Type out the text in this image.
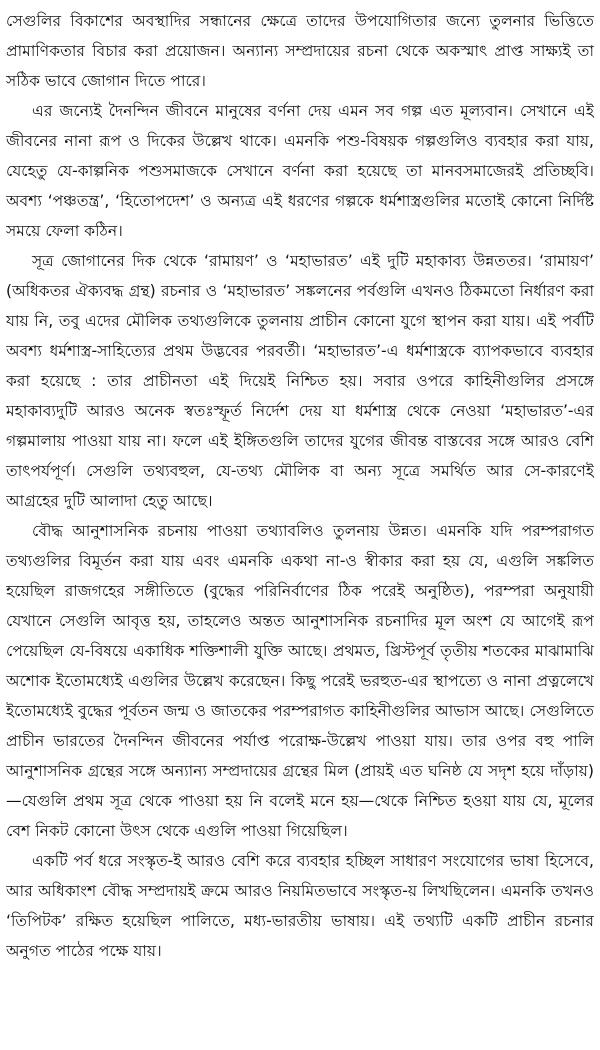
সেগুলির বিকাশের অবস্থাদির সন্ধানের ক্ষেত্রে তাদের উপযোগিতার জন্যে তুলনার ভিত্তিতে প্রামাণিকতার বিচার করা প্রয়োজন। অন্যান্য সম্প্রদায়ের রচনা থেকে অকস্মাৎ প্রাপ্ত সাক্ষ্যই তা সঠিক ভাবে জোগান দিতে পারে।

এর জন্যেই দৈনন্দিন জীবনে মানুষের বর্ণনা দেয় এমন সব গল্প এত মূল্যবান। সেখানে এই জীবনের নানা রূপ ও দিকের উল্লেখ থাকে। এমনকি পশু-বিষয়ক গল্পগুলিও ব্যবহার করা যায়, যেহেতু যে-কাল্পনিক পশুসমাজকে সেখানে বর্ণনা করা হয়েছে তা মানবসমাজেরই প্রতিচ্ছবি। অবশ্য ‘পঞ্চতন্ত্র’, ‘হিতোপদেশ’ ও অন্যত্র এই ধরণের গল্পকে ধর্মশাস্ত্রগুলির মতোই কোনো নির্দিষ্ট সময়ে ফেলা কঠিন।

সূত্র জোগানের দিক থেকে ‘রামায়ণ’ ও ‘মহাভারত’ এই দুটি মহাকাব্য উন্নততর। ‘রামায়ণ’ (অধিকতর ঐক্যবদ্ধ গ্রন্থ) রচনার ও ‘মহাভারত’ সঙ্কলনের পর্বগুলি এখনও ঠিকমতো নির্ধারণ করা যায় নি, তবু এদের মৌলিক তথ্যগুলিকে তুলনায় প্রাচীন কোনো যুগে স্থাপন করা যায়। এই পর্বটি অবশ্য ধর্মশাস্ত্র-সাহিত্যের প্রথম উদ্ভবের পরবর্তী। ‘মহাভারত’-এ ধর্মশাস্ত্রকে ব্যাপকভাবে ব্যবহার করা হয়েছে : তার প্রাচীনতা এই দিয়েই নিশ্চিত হয়। সবার ওপরে কাহিনীগুলির প্রসঙ্গে মহাকাব্যদুটি আরও অনেক স্বতঃস্ফূর্ত নির্দেশ দেয় যা ধর্মশাস্ত্র থেকে নেওয়া ‘মহাভারত’-এর গল্পমালায় পাওয়া যায় না। ফলে এই ইঙ্গিতগুলি তাদের যুগের জীবন্ত বাস্তবের সঙ্গে আরও বেশি তাৎপর্যপূর্ণ। সেগুলি তথ্যবহুল, যে-তথ্য মৌলিক বা অন্য সূত্রে সমর্থিত আর সে-কারণেই আগ্রহের দুটি আলাদা হেতু আছে।

বৌদ্ধ আনুশাসনিক রচনায় পাওয়া তথ্যাবলিও তুলনায় উন্নত। এমনকি যদি পরম্পরাগত তথ্যগুলির বিমূর্তন করা যায় এবং এমনকি একথা না-ও স্বীকার করা হয় যে, এগুলি সঙ্কলিত হয়েছিল রাজগহের সঙ্গীতিতে (বুদ্ধের পরিনির্বাণের ঠিক পরেই অনুষ্ঠিত), পরম্পরা অনুযায়ী যেখানে সেগুলি আবৃত্ত হয়, তাহলেও অন্তত আনুশাসনিক রচনাদির মূল অংশ যে আগেই রূপ পেয়েছিল যে-বিষয়ে একাধিক শক্তিশালী যুক্তি আছে। প্রথমত, খ্রিস্টপূর্ব তৃতীয় শতকের মাঝামাঝি অশোক ইতোমধ্যেই এগুলির উল্লেখ করেছেন। কিছু পরেই ভরহুত-এর স্থাপত্যে ও নানা প্রত্নলেখে ইতোমধ্যেই বুদ্ধের পূর্বতন জন্ম ও জাতকের পরম্পরাগত কাহিনীগুলির আভাস আছে। সেগুলিতে প্রাচীন ভারতের দৈনন্দিন জীবনের পর্যাপ্ত পরোক্ষ-উল্লেখ পাওয়া যায়। তার ওপর বহু পালি আনুশাসনিক গ্রন্থের সঙ্গে অন্যান্য সম্প্রদায়ের গ্রন্থের মিল (প্রায়ই এত ঘনিষ্ঠ যে সদৃশ হয়ে দাঁড়ায়) —যেগুলি প্রথম সূত্র থেকে পাওয়া হয় নি বলেই মনে হয়—থেকে নিশ্চিত হওয়া যায় যে, মূলের বেশ নিকট কোনো উৎস থেকে এগুলি পাওয়া গিয়েছিল।

একটি পর্ব ধরে সংস্কৃত-ই আরও বেশি করে ব্যবহার হচ্ছিল সাধারণ সংযোগের ভাষা হিসেবে, আর অধিকাংশ বৌদ্ধ সম্প্রদায়ই ক্রমে আরও নিয়মিতভাবে সংস্কৃত-য় লিখছিলেন। এমনকি তখনও ‘তিপিটক’ রক্ষিত হয়েছিল পালিতে, মধ্য-ভারতীয় ভাষায়। এই তথ্যটি একটি প্রাচীন রচনার অনুগত পাঠের পক্ষে যায়।
